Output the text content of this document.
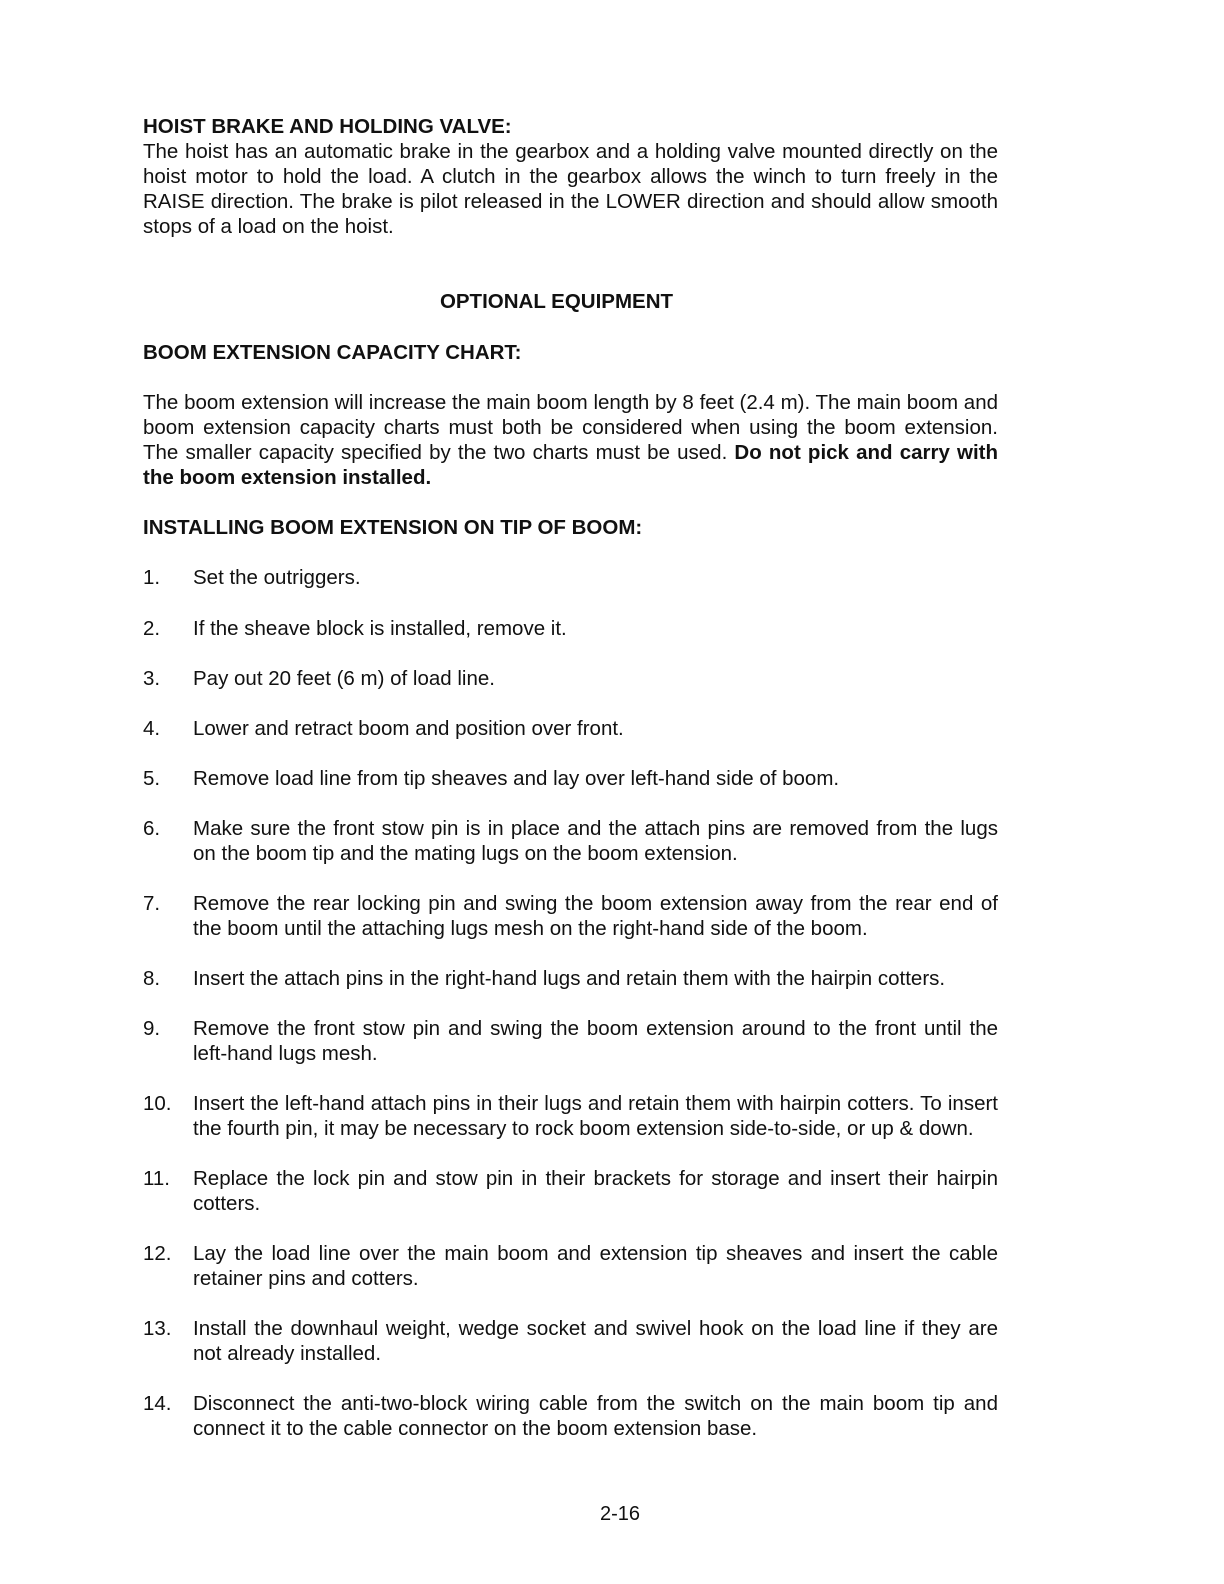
HOIST BRAKE AND HOLDING VALVE:

The hoist has an automatic brake in the gearbox and a holding valve mounted directly on the hoist motor to hold the load. A clutch in the gearbox allows the winch to turn freely in the RAISE direction. The brake is pilot released in the LOWER direction and should allow smooth stops of a load on the hoist.

OPTIONAL EQUIPMENT

BOOM EXTENSION CAPACITY CHART:

The boom extension will increase the main boom length by 8 feet (2.4 m). The main boom and boom extension capacity charts must both be considered when using the boom extension. The smaller capacity specified by the two charts must be used. Do not pick and carry with the boom extension installed.

INSTALLING BOOM EXTENSION ON TIP OF BOOM:

1.	Set the outriggers.
2.	If the sheave block is installed, remove it.
3.	Pay out 20 feet (6 m) of load line.
4.	Lower and retract boom and position over front.
5.	Remove load line from tip sheaves and lay over left-hand side of boom.
6.	Make sure the front stow pin is in place and the attach pins are removed from the lugs on the boom tip and the mating lugs on the boom extension.
7.	Remove the rear locking pin and swing the boom extension away from the rear end of the boom until the attaching lugs mesh on the right-hand side of the boom.
8.	Insert the attach pins in the right-hand lugs and retain them with the hairpin cotters.
9.	Remove the front stow pin and swing the boom extension around to the front until the left-hand lugs mesh.
10.	Insert the left-hand attach pins in their lugs and retain them with hairpin cotters. To insert the fourth pin, it may be necessary to rock boom extension side-to-side, or up & down.
11.	Replace the lock pin and stow pin in their brackets for storage and insert their hairpin cotters.
12.	Lay the load line over the main boom and extension tip sheaves and insert the cable retainer pins and cotters.
13.	Install the downhaul weight, wedge socket and swivel hook on the load line if they are not already installed.
14.	Disconnect the anti-two-block wiring cable from the switch on the main boom tip and connect it to the cable connector on the boom extension base.
2-16
